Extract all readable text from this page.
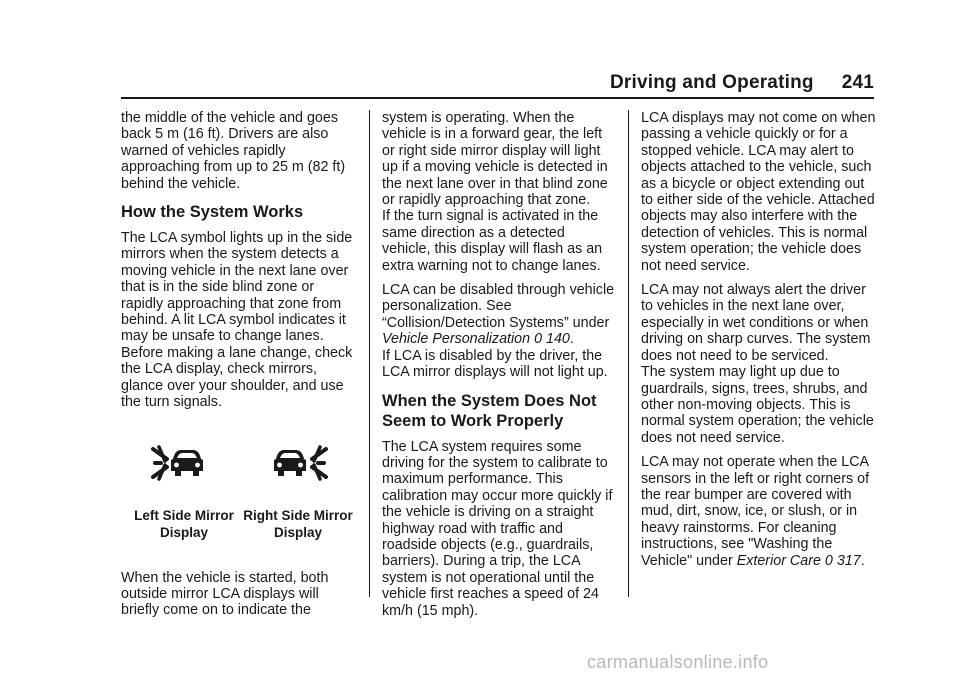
Driving and Operating 241

the middle of the vehicle and goes back 5 m (16 ft). Drivers are also warned of vehicles rapidly approaching from up to 25 m (82 ft) behind the vehicle.

How the System Works

The LCA symbol lights up in the side mirrors when the system detects a moving vehicle in the next lane over that is in the side blind zone or rapidly approaching that zone from behind. A lit LCA symbol indicates it may be unsafe to change lanes. Before making a lane change, check the LCA display, check mirrors, glance over your shoulder, and use the turn signals.

Left Side Mirror Display
Right Side Mirror Display

When the vehicle is started, both outside mirror LCA displays will briefly come on to indicate the

system is operating. When the vehicle is in a forward gear, the left or right side mirror display will light up if a moving vehicle is detected in the next lane over in that blind zone or rapidly approaching that zone.

If the turn signal is activated in the same direction as a detected vehicle, this display will flash as an extra warning not to change lanes.

LCA can be disabled through vehicle personalization. See “Collision/Detection Systems” under Vehicle Personalization 0 140.

If LCA is disabled by the driver, the LCA mirror displays will not light up.

When the System Does Not Seem to Work Properly

The LCA system requires some driving for the system to calibrate to maximum performance. This calibration may occur more quickly if the vehicle is driving on a straight highway road with traffic and roadside objects (e.g., guardrails, barriers). During a trip, the LCA system is not operational until the vehicle first reaches a speed of 24 km/h (15 mph).

LCA displays may not come on when passing a vehicle quickly or for a stopped vehicle. LCA may alert to objects attached to the vehicle, such as a bicycle or object extending out to either side of the vehicle. Attached objects may also interfere with the detection of vehicles. This is normal system operation; the vehicle does not need service.

LCA may not always alert the driver to vehicles in the next lane over, especially in wet conditions or when driving on sharp curves. The system does not need to be serviced.

The system may light up due to guardrails, signs, trees, shrubs, and other non-moving objects. This is normal system operation; the vehicle does not need service.

LCA may not operate when the LCA sensors in the left or right corners of the rear bumper are covered with mud, dirt, snow, ice, or slush, or in heavy rainstorms. For cleaning instructions, see "Washing the Vehicle" under Exterior Care 0 317.

carmanualsonline.info
